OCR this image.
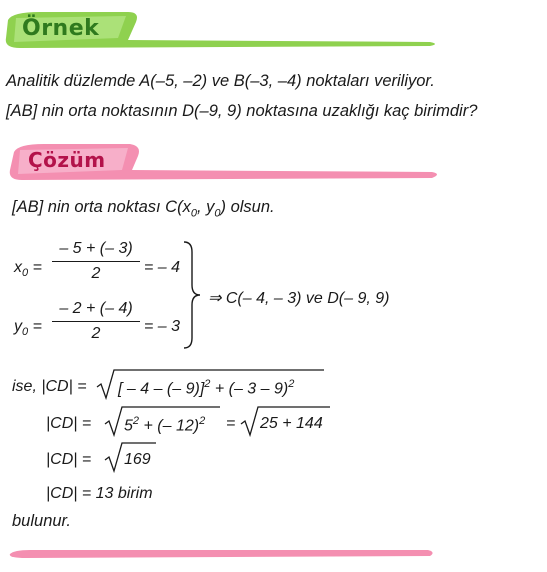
Örnek
Analitik düzlemde A(–5, –2) ve B(–3, –4) noktaları veriliyor.
[AB] nin orta noktasının D(–9, 9) noktasına uzaklığı kaç birimdir?
Çözüm
[AB] nin orta noktası $C(x_0$, $y_0$) olsun.
$x_0$ =
– 5 + (– 3)
2	= – 4
$y_0$ =
– 2 + (– 4)
2	= – 3
⇒ C(– 4, – 3) ve D(– 9, 9)
ise, |CD| = [ – 4 – (– 9)]$^2$ + (– 3 – 9)$^2$
$|CD| = 5^2$ + (– 12)$^2$ = 25 + 144
|CD| = 169
|CD| = 13 birim
bulunur.
